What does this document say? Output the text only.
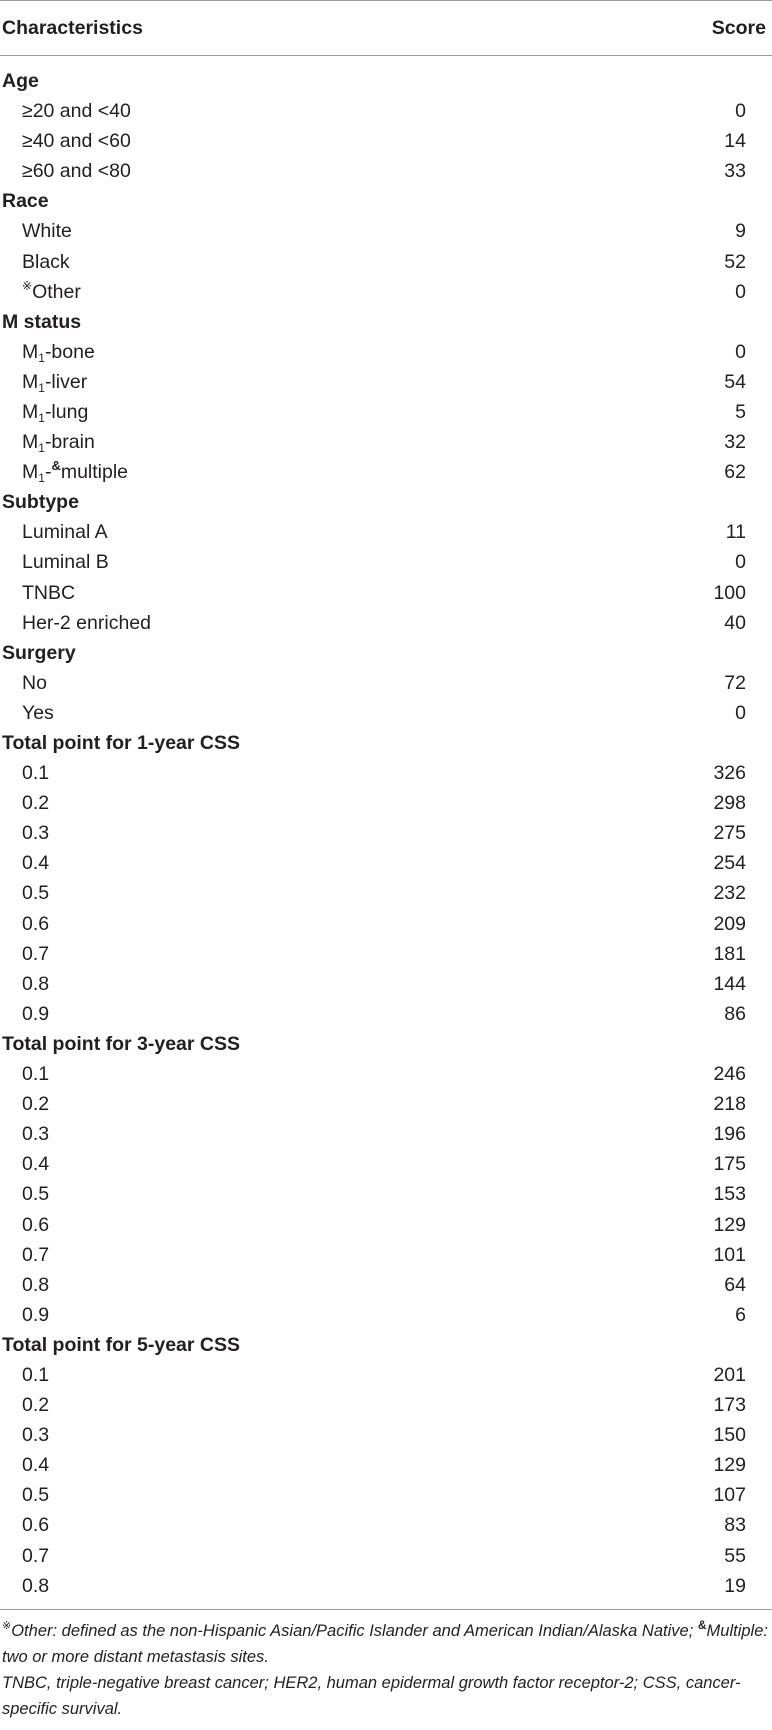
Characteristics	Score
Age	
≥20 and <40	0
≥40 and <60	14
≥60 and <80	33
Race	
White	9
Black	52
※Other	0
M status	
$M_1$-bone	0
$M_1$-liver	54
$M_1$-lung	5
$M_1$-brain	32
$M_1-^{\&}multiple$	62
Subtype	
Luminal A	11
Luminal B	0
TNBC	100
Her-2 enriched	40
Surgery	
No	72
Yes	0
Total point for 1-year CSS	
0.1	326
0.2	298
0.3	275
0.4	254
0.5	232
0.6	209
0.7	181
0.8	144
0.9	86
Total point for 3-year CSS	
0.1	246
0.2	218
0.3	196
0.4	175
0.5	153
0.6	129
0.7	101
0.8	64
0.9	6
Total point for 5-year CSS	
0.1	201
0.2	173
0.3	150
0.4	129
0.5	107
0.6	83
0.7	55
0.8	19

※Other: defined as the non-Hispanic Asian/Pacific Islander and American Indian/Alaska Native; &Multiple: two or more distant metastasis sites.

TNBC, triple-negative breast cancer; HER2, human epidermal growth factor receptor-2; CSS, cancer-specific survival.
